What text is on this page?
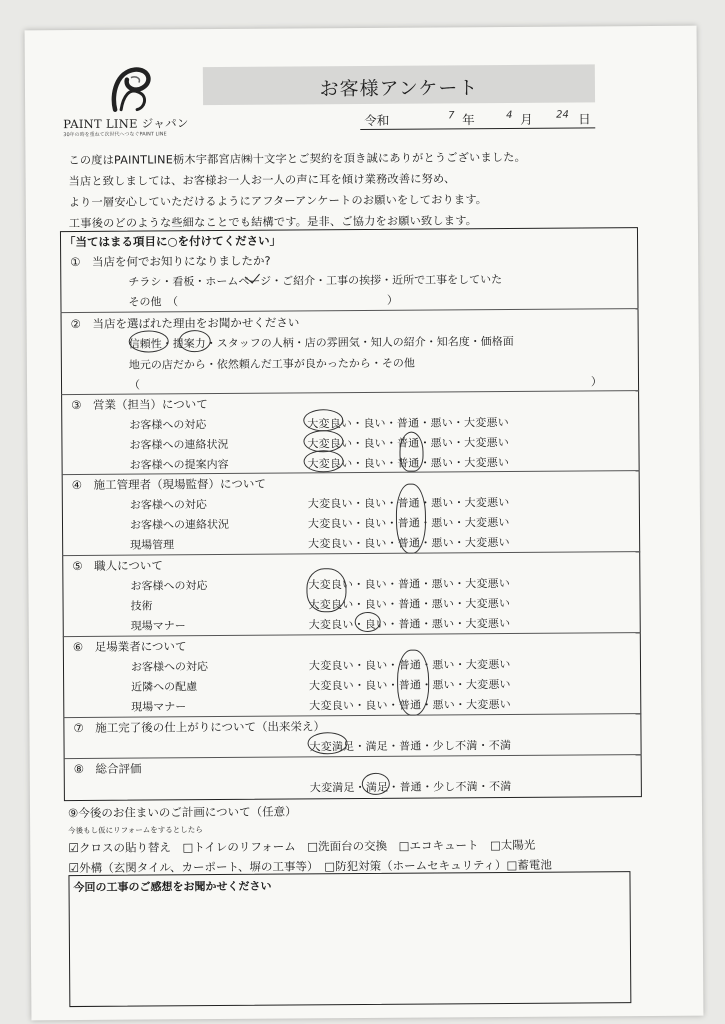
PAINT LINE ジャパン
30年の時を重ねて次世代へつなぐPAINT LINE
お客様アンケート
令和	7 年	4 月 24 日
この度はPAINTLINE栃木宇都宮店㈱十文字とご契約を頂き誠にありがとうございました。
当店と致しましては、お客様お一人お一人の声に耳を傾け業務改善に努め、
より一層安心していただけるようにアフターアンケートのお願いをしております。
工事後のどのような些細なことでも結構です。是非、ご協力をお願い致します。
「当てはまる項目に○を付けてください」
①　当店を何でお知りになりましたか?
チラシ・看板・ホームページ・ご紹介・工事の挨拶・近所で工事をしていた
その他　（　　　　　　　　　　　　　　　　　　　）
②　当店を選ばれた理由をお聞かせください
信頼性・提案力・スタッフの人柄・店の雰囲気・知人の紹介・知名度・価格面
地元の店だから・依然頼んだ工事が良かったから・その他
（　　　　　　　　　　　　　　　　　　　　　　　　　　　　　　　　　　　　　　　　　）
③　営業（担当）について
お客様への対応	大変良い・良い・普通・悪い・大変悪い
お客様への連絡状況	大変良い・良い・普通・悪い・大変悪い
お客様への提案内容	大変良い・良い・普通・悪い・大変悪い
④　施工管理者（現場監督）について
お客様への対応	大変良い・良い・普通・悪い・大変悪い
お客様への連絡状況	大変良い・良い・普通・悪い・大変悪い
現場管理	大変良い・良い・普通・悪い・大変悪い
⑤　職人について
お客様への対応	大変良い・良い・普通・悪い・大変悪い
技術	大変良い・良い・普通・悪い・大変悪い
現場マナー	大変良い・良い・普通・悪い・大変悪い
⑥　足場業者について
お客様への対応	大変良い・良い・普通・悪い・大変悪い
近隣への配慮	大変良い・良い・普通・悪い・大変悪い
現場マナー	大変良い・良い・普通・悪い・大変悪い
⑦　施工完了後の仕上がりについて（出来栄え）
大変満足・満足・普通・少し不満・不満
⑧　総合評価
大変満足・満足・普通・少し不満・不満
⑨今後のお住まいのご計画について（任意）
今後もし仮にリフォームをするとしたら
☑クロスの貼り替え　□トイレのリフォーム　□洗面台の交換　□エコキュート　□太陽光
☑外構（玄関タイル、カーポート、塀の工事等）　□防犯対策（ホームセキュリティ）□蓄電池
今回の工事のご感想をお聞かせください
